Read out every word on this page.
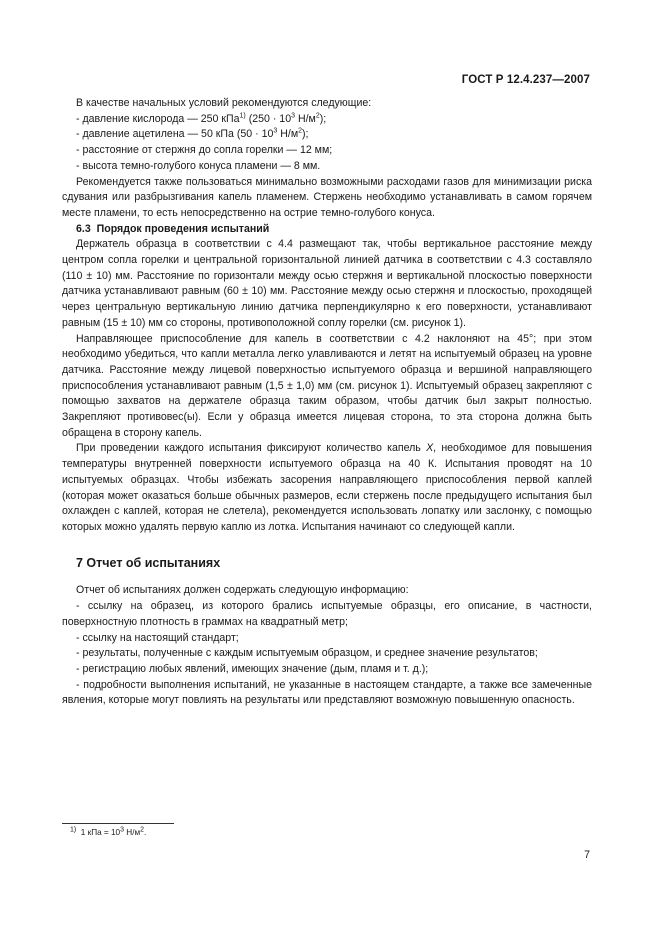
ГОСТ Р 12.4.237—2007

В качестве начальных условий рекомендуются следующие:

- давление кислорода — 250 кПа$^{1)}$ ($250 \cdot 10^3$ $Н/м^2$);

- давление ацетилена — 50 кПа ($50 \cdot 10^3$ $Н/м^2$);

- расстояние от стержня до сопла горелки — 12 мм;

- высота темно-голубого конуса пламени — 8 мм.

Рекомендуется также пользоваться минимально возможными расходами газов для минимизации риска сдувания или разбрызгивания капель пламенем. Стержень необходимо устанавливать в самом горячем месте пламени, то есть непосредственно на острие темно-голубого конуса.

6.3 Порядок проведения испытаний

Держатель образца в соответствии с 4.4 размещают так, чтобы вертикальное расстояние между центром сопла горелки и центральной горизонтальной линией датчика в соответствии с 4.3 составляло (110 ± 10) мм. Расстояние по горизонтали между осью стержня и вертикальной плоскостью поверхности датчика устанавливают равным (60 ± 10) мм. Расстояние между осью стержня и плоскостью, проходящей через центральную вертикальную линию датчика перпендикулярно к его поверхности, устанавливают равным (15 ± 10) мм со стороны, противоположной соплу горелки (см. рисунок 1).

Направляющее приспособление для капель в соответствии с 4.2 наклоняют на 45°; при этом необходимо убедиться, что капли металла легко улавливаются и летят на испытуемый образец на уровне датчика. Расстояние между лицевой поверхностью испытуемого образца и вершиной направляющего приспособления устанавливают равным (1,5 ± 1,0) мм (см. рисунок 1). Испытуемый образец закрепляют с помощью захватов на держателе образца таким образом, чтобы датчик был закрыт полностью. Закрепляют противовес(ы). Если у образца имеется лицевая сторона, то эта сторона должна быть обращена в сторону капель.

При проведении каждого испытания фиксируют количество капель X, необходимое для повышения температуры внутренней поверхности испытуемого образца на 40 К. Испытания проводят на 10 испытуемых образцах. Чтобы избежать засорения направляющего приспособления первой каплей (которая может оказаться больше обычных размеров, если стержень после предыдущего испытания был охлажден с каплей, которая не слетела), рекомендуется использовать лопатку или заслонку, с помощью которых можно удалять первую каплю из лотка. Испытания начинают со следующей капли.

7 Отчет об испытаниях

Отчет об испытаниях должен содержать следующую информацию:

- ссылку на образец, из которого брались испытуемые образцы, его описание, в частности, поверхностную плотность в граммах на квадратный метр;

- ссылку на настоящий стандарт;

- результаты, полученные с каждым испытуемым образцом, и среднее значение результатов;

- регистрацию любых явлений, имеющих значение (дым, пламя и т. д.);

- подробности выполнения испытаний, не указанные в настоящем стандарте, а также все замеченные явления, которые могут повлиять на результаты или представляют возможную повышенную опасность.

$^{1)}$ 1 кПа = $10^3$ $Н/м^2$.
7
